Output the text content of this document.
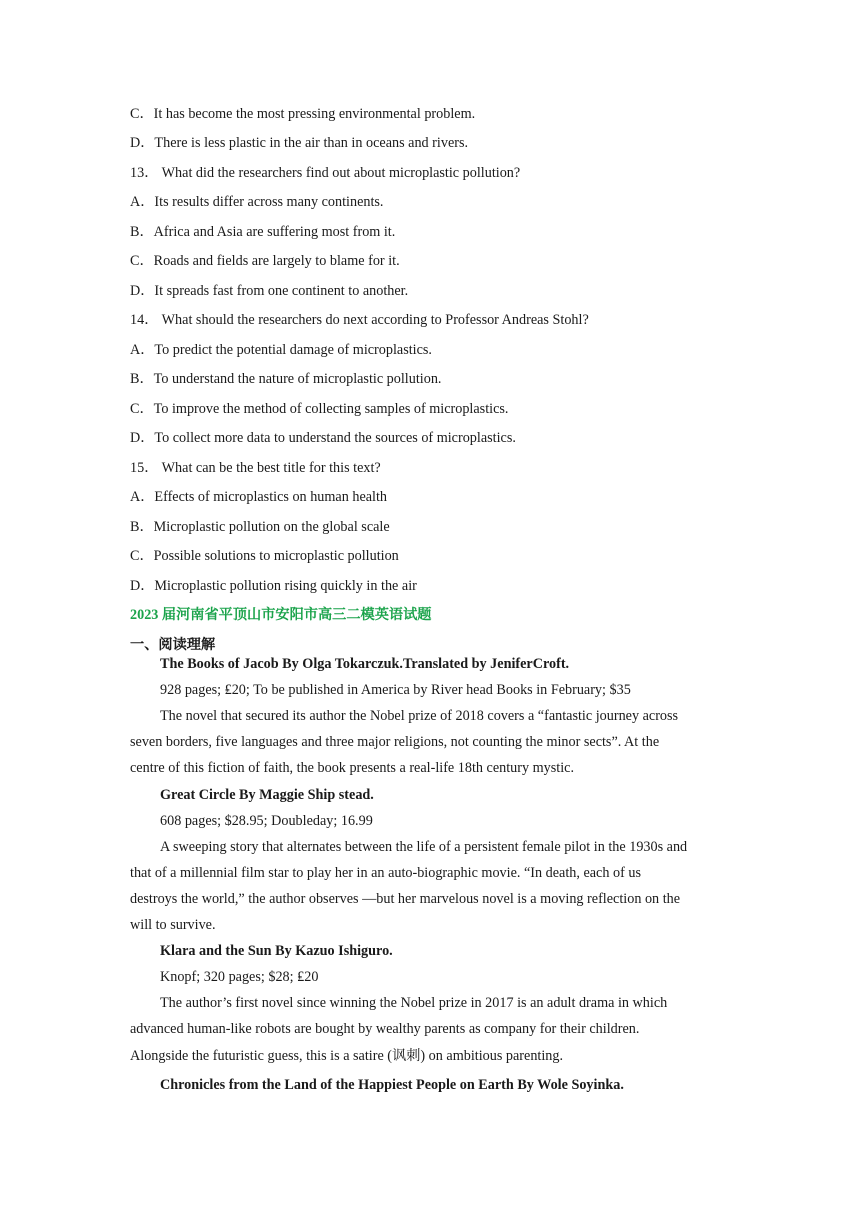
C．It has become the most pressing environmental problem.
D．There is less plastic in the air than in oceans and rivers.
13． What did the researchers find out about microplastic pollution?
A．Its results differ across many continents.
B．Africa and Asia are suffering most from it.
C．Roads and fields are largely to blame for it.
D．It spreads fast from one continent to another.
14． What should the researchers do next according to Professor Andreas Stohl?
A．To predict the potential damage of microplastics.
B．To understand the nature of microplastic pollution.
C．To improve the method of collecting samples of microplastics.
D．To collect more data to understand the sources of microplastics.
15． What can be the best title for this text?
A．Effects of microplastics on human health
B．Microplastic pollution on the global scale
C．Possible solutions to microplastic pollution
D．Microplastic pollution rising quickly in the air
2023 届河南省平顶山市安阳市高三二模英语试题
一、阅读理解
The Books of Jacob By Olga Tokarczuk.Translated by JeniferCroft.
928 pages; ₤20; To be published in America by River head Books in February; $35
The novel that secured its author the Nobel prize of 2018 covers a “fantastic journey across
seven borders, five languages and three major religions, not counting the minor sects”. At the
centre of this fiction of faith, the book presents a real-life 18th century mystic.
Great Circle By Maggie Ship stead.
608 pages; $28.95; Doubleday; 16.99
A sweeping story that alternates between the life of a persistent female pilot in the 1930s and
that of a millennial film star to play her in an auto-biographic movie. “In death, each of us
destroys the world,” the author observes —but her marvelous novel is a moving reflection on the
will to survive.
Klara and the Sun By Kazuo Ishiguro.
Knopf; 320 pages; $28; ₤20
The author’s first novel since winning the Nobel prize in 2017 is an adult drama in which
advanced human-like robots are bought by wealthy parents as company for their children.
Alongside the futuristic guess, this is a satire (讽刺) on ambitious parenting.
Chronicles from the Land of the Happiest People on Earth By Wole Soyinka.
